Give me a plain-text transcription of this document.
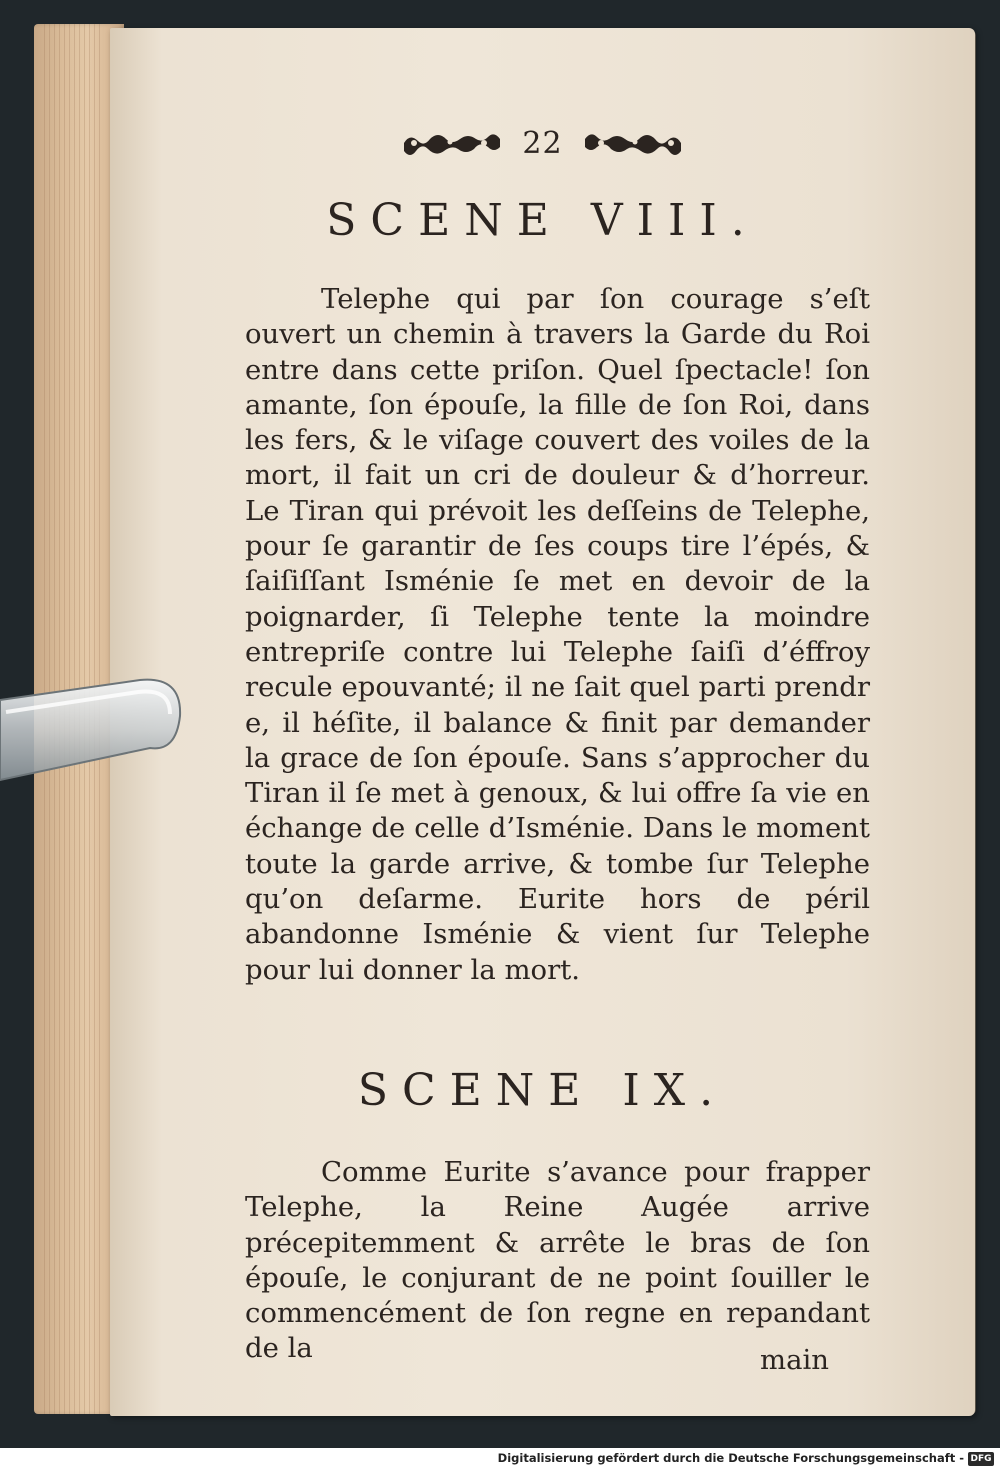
22
SCENE VIII.

Telephe qui par ſon courage s’eſt ouvert un chemin à travers la Garde du Roi entre dans cette priſon. Quel ſpectacle! ſon amante, ſon épouſe, la fille de ſon Roi, dans les fers, & le viſage couvert des voiles de la mort, il fait un cri de douleur & d’horreur. Le Tiran qui prévoit les deſſeins de Telephe, pour ſe garantir de ſes coups tire l’épés, & ſaiſiſſant Isménie ſe met en devoir de la poignarder, ſi Telephe tente la moindre entrepriſe contre lui Telephe ſaiſi d’éffroy recule epouvanté; il ne ſait quel parti prendr e, il héſite, il balance & finit par demander la grace de ſon épouſe. Sans s’approcher du Tiran il ſe met à genoux, & lui offre ſa vie en échange de celle d’Isménie. Dans le moment toute la garde arrive, & tombe ſur Telephe qu’on deſarme. Eurite hors de péril abandonne Isménie & vient ſur Telephe pour lui donner la mort.

SCENE IX.

Comme Eurite s’avance pour frapper Telephe, la Reine Augée arrive précepitemment & arrête le bras de ſon épouſe, le conjurant de ne point ſouiller le commencément de ſon regne en repandant de la	main
Digitalisierung gefördert durch die Deutsche Forschungsgemeinschaft - DFG
